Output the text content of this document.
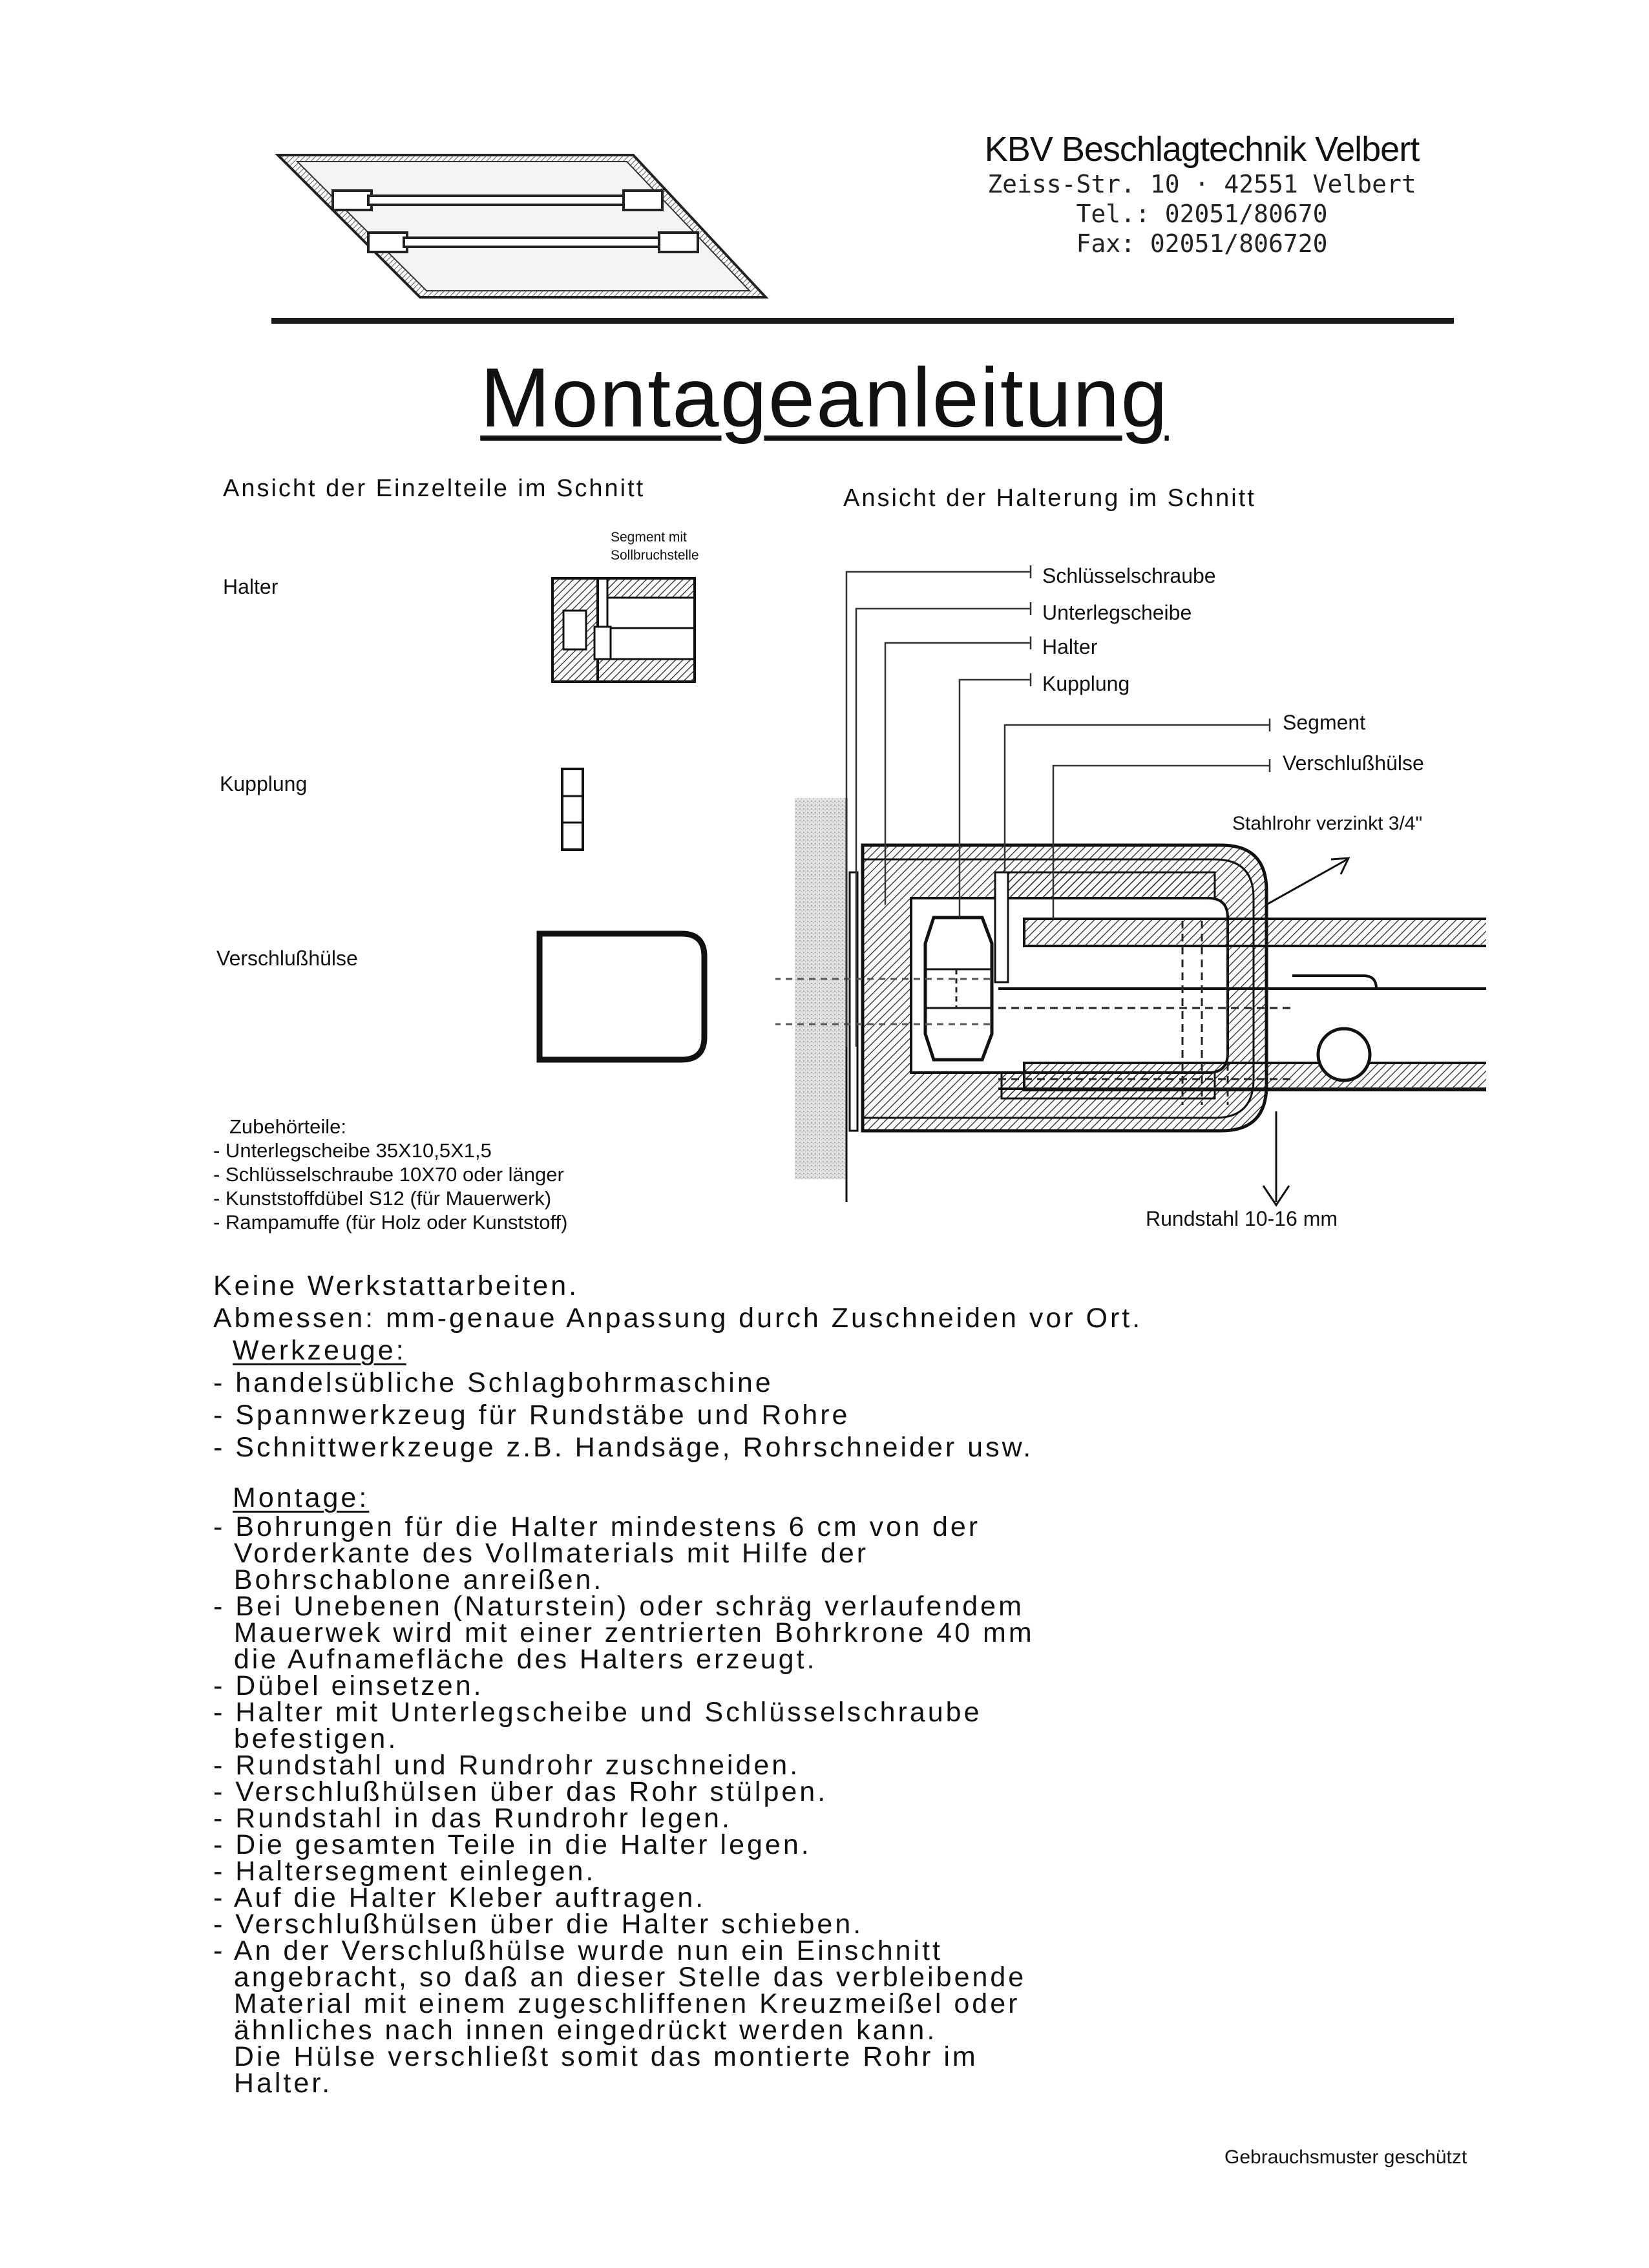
KBV Beschlagtechnik Velbert
Zeiss-Str. 10 · 42551 Velbert
Tel.: 02051/80670
Fax: 02051/806720
Montageanleitung
Ansicht der Einzelteile im Schnitt	Ansicht der Halterung im Schnitt
Halter
Kupplung
Verschlußhülse
Segment mit
Sollbruchstelle
Zubehörteile:
- Unterlegscheibe 35X10,5X1,5
- Schlüsselschraube 10X70 oder länger
- Kunststoffdübel S12 (für Mauerwerk)
- Rampamuffe (für Holz oder Kunststoff)
Schlüsselschraube
Unterlegscheibe
Halter
Kupplung
Segment
Verschlußhülse
Stahlrohr verzinkt 3/4"
Rundstahl 10-16 mm

Keine Werkstattarbeiten.

Abmessen: mm-genaue Anpassung durch Zuschneiden vor Ort.

Werkzeuge:

- handelsübliche Schlagbohrmaschine
- Spannwerkzeug für Rundstäbe und Rohre
- Schnittwerkzeuge z.B. Handsäge, Rohrschneider usw.

Montage:

- Bohrungen für die Halter mindestens 6 cm von der
Vorderkante des Vollmaterials mit Hilfe der
Bohrschablone anreißen.
- Bei Unebenen (Naturstein) oder schräg verlaufendem
Mauerwek wird mit einer zentrierten Bohrkrone 40 mm
die Aufnamefläche des Halters erzeugt.
- Dübel einsetzen.
- Halter mit Unterlegscheibe und Schlüsselschraube
befestigen.
- Rundstahl und Rundrohr zuschneiden.
- Verschlußhülsen über das Rohr stülpen.
- Rundstahl in das Rundrohr legen.
- Die gesamten Teile in die Halter legen.
- Haltersegment einlegen.
- Auf die Halter Kleber auftragen.
- Verschlußhülsen über die Halter schieben.
- An der Verschlußhülse wurde nun ein Einschnitt
angebracht, so daß an dieser Stelle das verbleibende
Material mit einem zugeschliffenen Kreuzmeißel oder
ähnliches nach innen eingedrückt werden kann.
Die Hülse verschließt somit das montierte Rohr im
Halter.
Gebrauchsmuster geschützt
